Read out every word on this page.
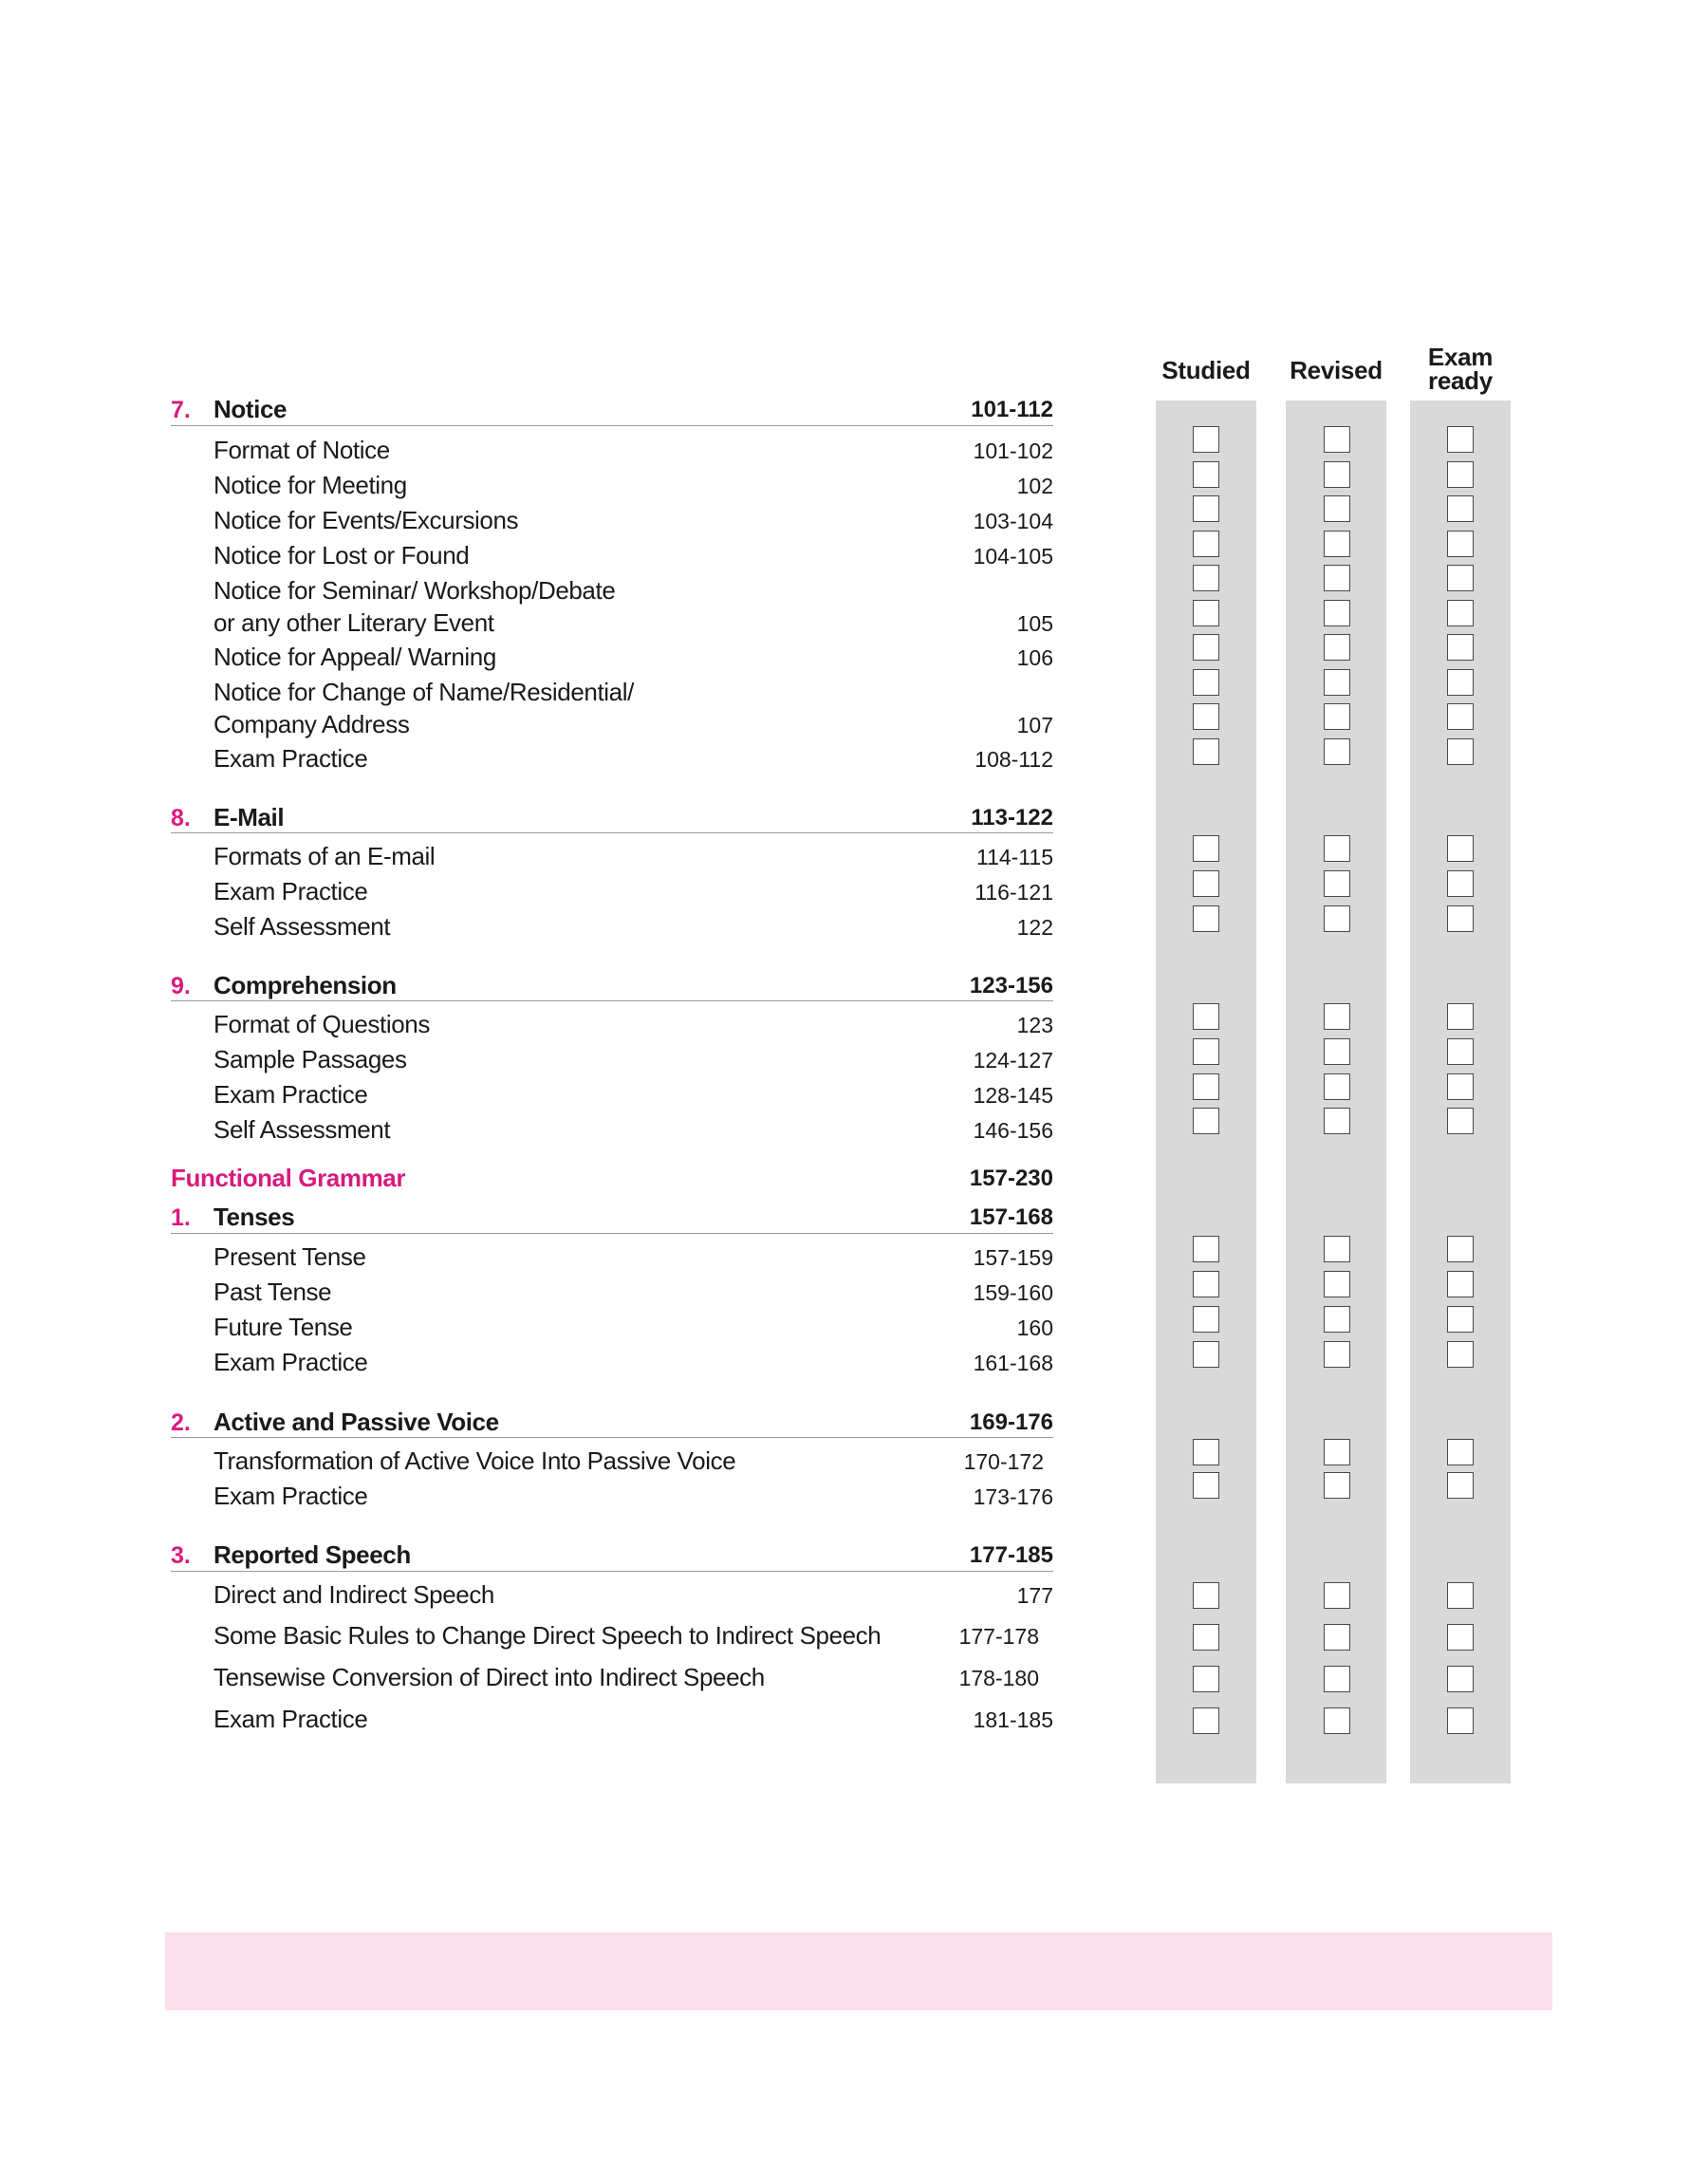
Studied	Revised	Exam
ready
7. Notice	101-112
Format of Notice	101-102
Notice for Meeting	102
Notice for Events/Excursions	103-104
Notice for Lost or Found	104-105
Notice for Seminar/ Workshop/Debate
or any other Literary Event	105
Notice for Appeal/ Warning	106
Notice for Change of Name/Residential/
Company Address	107
Exam Practice	108-112
8. E-Mail	113-122
Formats of an E-mail	114-115
Exam Practice	116-121
Self Assessment	122
9. Comprehension	123-156
Format of Questions	123
Sample Passages	124-127
Exam Practice	128-145
Self Assessment	146-156
Functional Grammar	157-230
1. Tenses	157-168
Present Tense	157-159
Past Tense	159-160
Future Tense	160
Exam Practice	161-168
2. Active and Passive Voice	169-176
Transformation of Active Voice Into Passive Voice	170-172
Exam Practice	173-176
3. Reported Speech	177-185
Direct and Indirect Speech	177
Some Basic Rules to Change Direct Speech to Indirect Speech	177-178
Tensewise Conversion of Direct into Indirect Speech	178-180
Exam Practice	181-185
